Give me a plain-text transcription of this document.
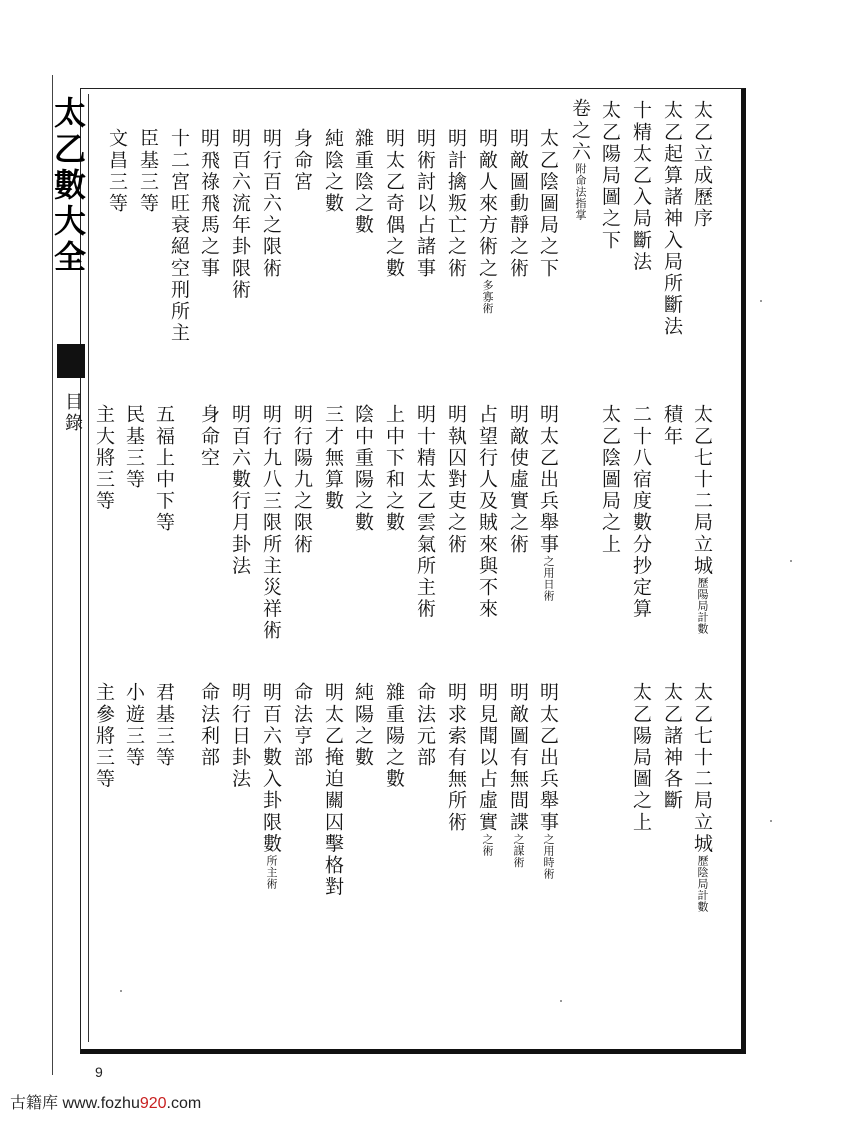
太乙數大全
目錄
太乙立成歷序
太乙起算諸神入局所斷法
十精太乙入局斷法
太乙陽局圖之下
卷之六附命法指掌
太乙陰圖局之下
明敵圖動靜之術
明敵人來方術之多寡術
明計擒叛亡之術
明術討以占諸事
明太乙奇偶之數
雜重陰之數
純陰之數
身命宮
明行百六之限術
明百六流年卦限術
明飛祿飛馬之事
十二宮旺衰絕空刑所主
臣基三等
文昌三等
太乙七十二局立城歷陽局計數
積年
二十八宿度數分抄定算
太乙陰圖局之上
明太乙出兵舉事之用日術
明敵使虛實之術
占望行人及賊來與不來
明執囚對吏之術
明十精太乙雲氣所主術
上中下和之數
陰中重陽之數
三才無算數
明行陽九之限術
明行九八三限所主災祥術
明百六數行月卦法
身命空
五福上中下等
民基三等
主大將三等
太乙七十二局立城歷陰局計數
太乙諸神各斷
太乙陽局圖之上
明太乙出兵舉事之用時術
明敵圖有無間諜之謀術
明見聞以占虛實之術
明求索有無所術
命法元部
雜重陽之數
純陽之數
明太乙掩迫關囚擊格對
命法亨部
明百六數入卦限數所主術
明行日卦法
命法利部
君基三等
小遊三等
主參將三等
9
古籍库 www.fozhu920.com
